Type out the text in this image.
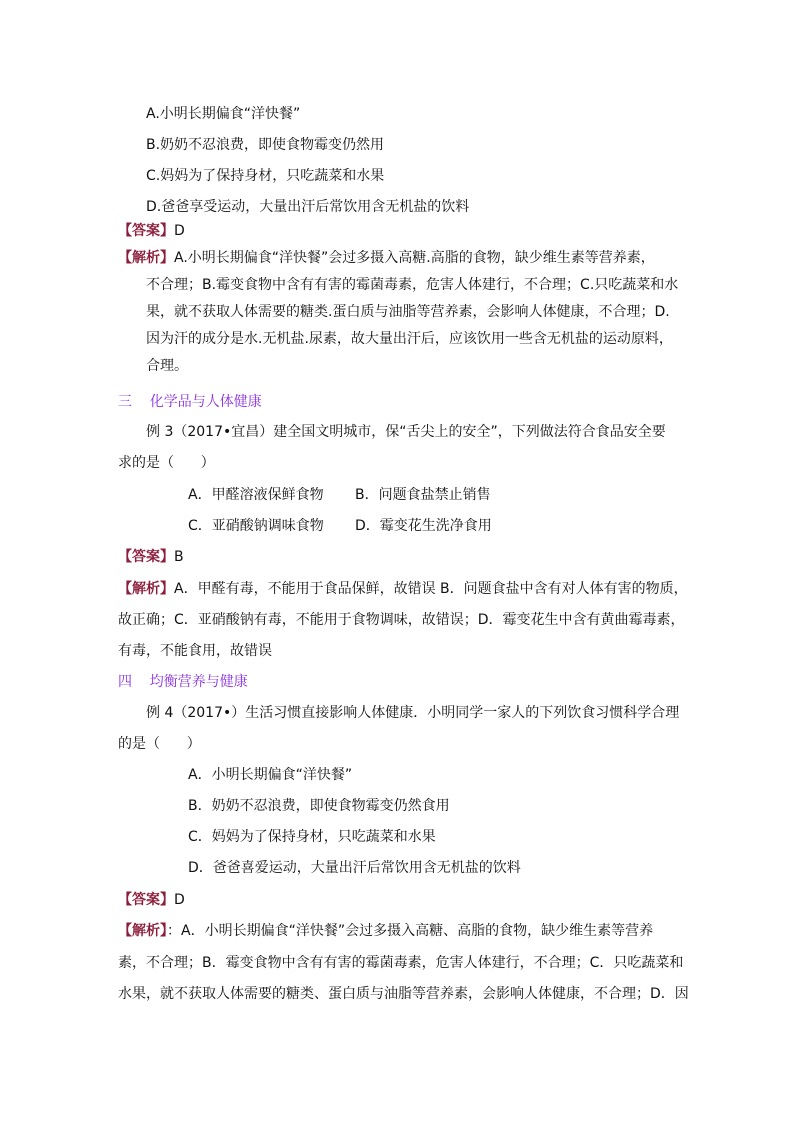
A.小明长期偏食“洋快餐”
B.奶奶不忍浪费，即使食物霉变仍然用
C.妈妈为了保持身材，只吃蔬菜和水果
D.爸爸享受运动，大量出汗后常饮用含无机盐的饮料
【答案】D
【解析】A.小明长期偏食“洋快餐”会过多摄入高糖.高脂的食物，缺少维生素等营养素，
不合理；B.霉变食物中含有有害的霉菌毒素，危害人体建行，不合理；C.只吃蔬菜和水
果，就不获取人体需要的糖类.蛋白质与油脂等营养素，会影响人体健康，不合理；D.
因为汗的成分是水.无机盐.尿素，故大量出汗后，应该饮用一些含无机盐的运动原料，
合理。
三    化学品与人体健康
例 3（2017•宜昌）建全国文明城市，保“舌尖上的安全”，下列做法符合食品安全要
求的是（      ）
A．甲醛溶液保鲜食物 B．问题食盐禁止销售
C．亚硝酸钠调味食物 D．霉变花生洗净食用
【答案】B
【解析】A．甲醛有毒，不能用于食品保鲜，故错误 B．问题食盐中含有对人体有害的物质，
故正确；C．亚硝酸钠有毒，不能用于食物调味，故错误；D．霉变花生中含有黄曲霉毒素，
有毒，不能食用，故错误
四    均衡营养与健康
例 4（2017•）生活习惯直接影响人体健康．小明同学一家人的下列饮食习惯科学合理
的是（      ）
A．小明长期偏食“洋快餐”
B．奶奶不忍浪费，即使食物霉变仍然食用
C．妈妈为了保持身材，只吃蔬菜和水果
D．爸爸喜爱运动，大量出汗后常饮用含无机盐的饮料
【答案】D
【解析】：A．小明长期偏食“洋快餐”会过多摄入高糖、高脂的食物，缺少维生素等营养
素，不合理；B．霉变食物中含有有害的霉菌毒素，危害人体建行，不合理；C．只吃蔬菜和
水果，就不获取人体需要的糖类、蛋白质与油脂等营养素，会影响人体健康，不合理；D．因
